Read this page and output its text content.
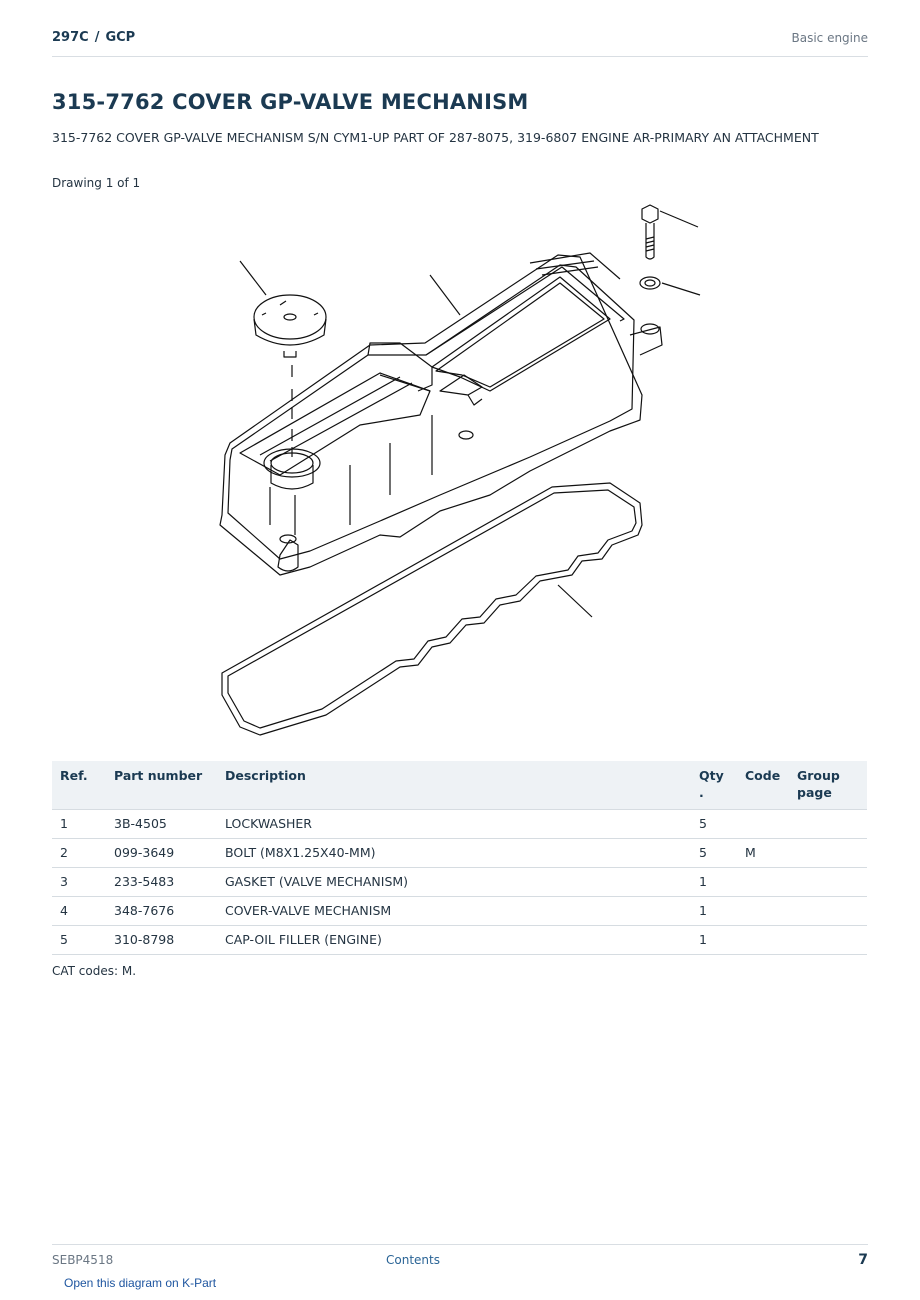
297C / GCP	Basic engine
315-7762 COVER GP-VALVE MECHANISM

315-7762 COVER GP-VALVE MECHANISM S/N CYM1-UP PART OF 287-8075, 319-6807 ENGINE AR-PRIMARY AN ATTACHMENT

Drawing 1 of 1
Ref.	Part number	Description	Qty .	Code	Group page
1	3B-4505	LOCKWASHER	5		
2	099-3649	BOLT (M8X1.25X40-MM)	5	M	
3	233-5483	GASKET (VALVE MECHANISM)	1		
4	348-7676	COVER-VALVE MECHANISM	1		
5	310-8798	CAP-OIL FILLER (ENGINE)	1		
CAT codes: M.
SEBP4518	Contents	7
Open this diagram on K-Part
